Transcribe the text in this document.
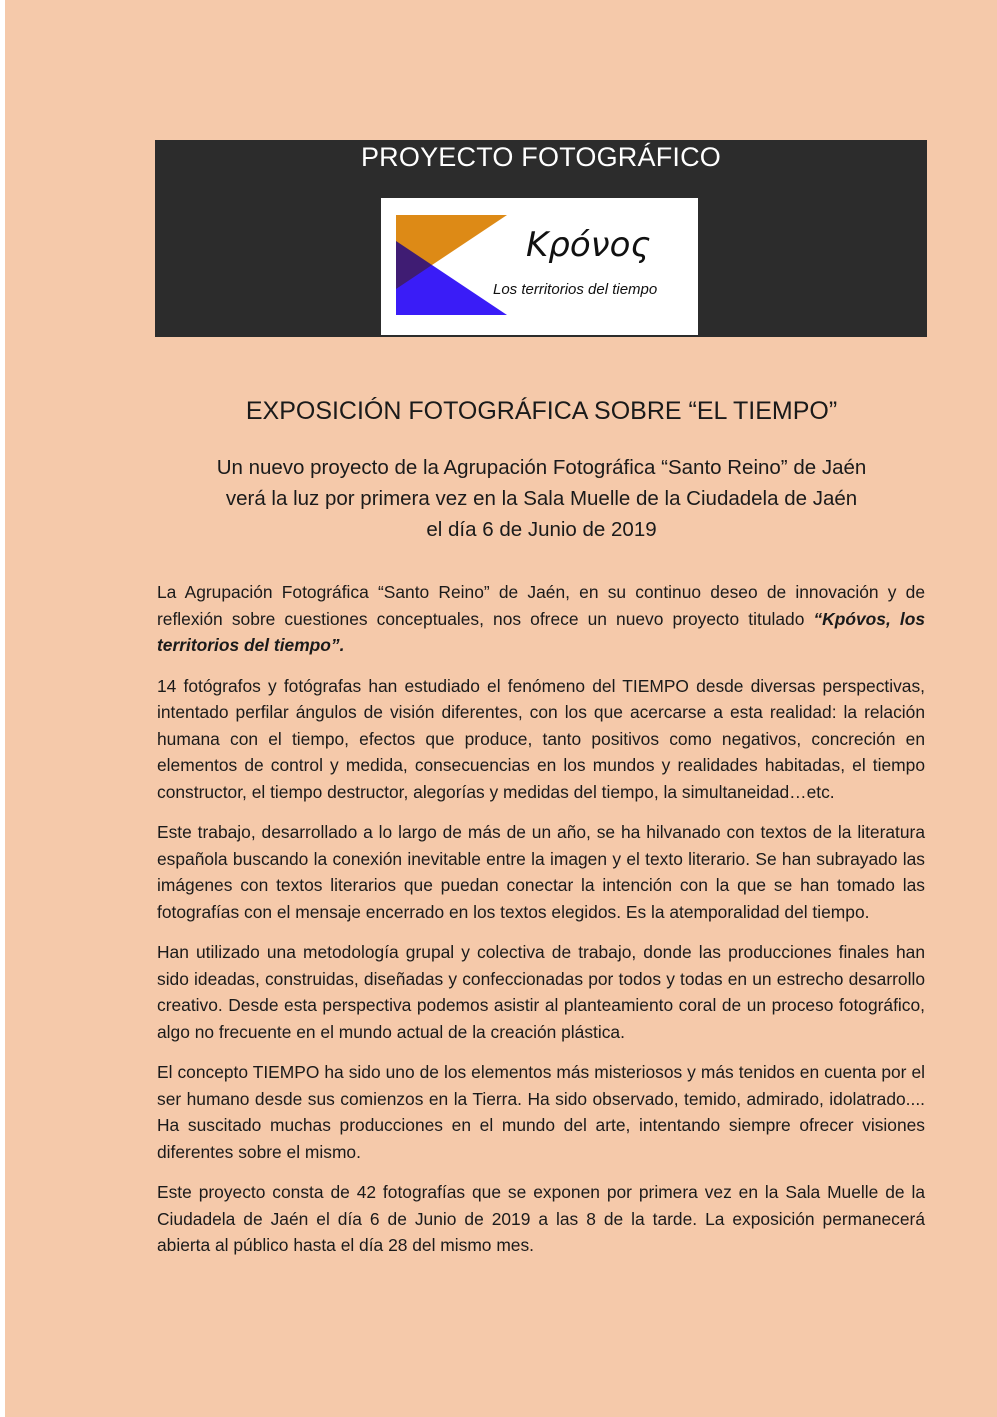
PROYECTO FOTOGRÁFICO
Κρόνος
Los territorios del tiempo
EXPOSICIÓN FOTOGRÁFICA SOBRE “EL TIEMPO”
Un nuevo proyecto de la Agrupación Fotográfica “Santo Reino” de Jaén
verá la luz por primera vez en la Sala Muelle de la Ciudadela de Jaén
el día 6 de Junio de 2019

La Agrupación Fotográfica “Santo Reino” de Jaén, en su continuo deseo de innovación y de reflexión sobre cuestiones conceptuales, nos ofrece un nuevo proyecto titulado “Kpóvos, los territorios del tiempo”.

14 fotógrafos y fotógrafas han estudiado el fenómeno del TIEMPO desde diversas perspectivas, intentado perfilar ángulos de visión diferentes, con los que acercarse a esta realidad: la relación humana con el tiempo, efectos que produce, tanto positivos como negativos, concreción en elementos de control y medida, consecuencias en los mundos y realidades habitadas, el tiempo constructor, el tiempo destructor, alegorías y medidas del tiempo, la simultaneidad…etc.

Este trabajo, desarrollado a lo largo de más de un año, se ha hilvanado con textos de la literatura española buscando la conexión inevitable entre la imagen y el texto literario. Se han subrayado las imágenes con textos literarios que puedan conectar la intención con la que se han tomado las fotografías con el mensaje encerrado en los textos elegidos. Es la atemporalidad del tiempo.

Han utilizado una metodología grupal y colectiva de trabajo, donde las producciones finales han sido ideadas, construidas, diseñadas y confeccionadas por todos y todas en un estrecho desarrollo creativo. Desde esta perspectiva podemos asistir al planteamiento coral de un proceso fotográfico, algo no frecuente en el mundo actual de la creación plástica.

El concepto TIEMPO ha sido uno de los elementos más misteriosos y más tenidos en cuenta por el ser humano desde sus comienzos en la Tierra. Ha sido observado, temido, admirado, idolatrado.... Ha suscitado muchas producciones en el mundo del arte, intentando siempre ofrecer visiones diferentes sobre el mismo.

Este proyecto consta de 42 fotografías que se exponen por primera vez en la Sala Muelle de la Ciudadela de Jaén el día 6 de Junio de 2019 a las 8 de la tarde. La exposición permanecerá abierta al público hasta el día 28 del mismo mes.
